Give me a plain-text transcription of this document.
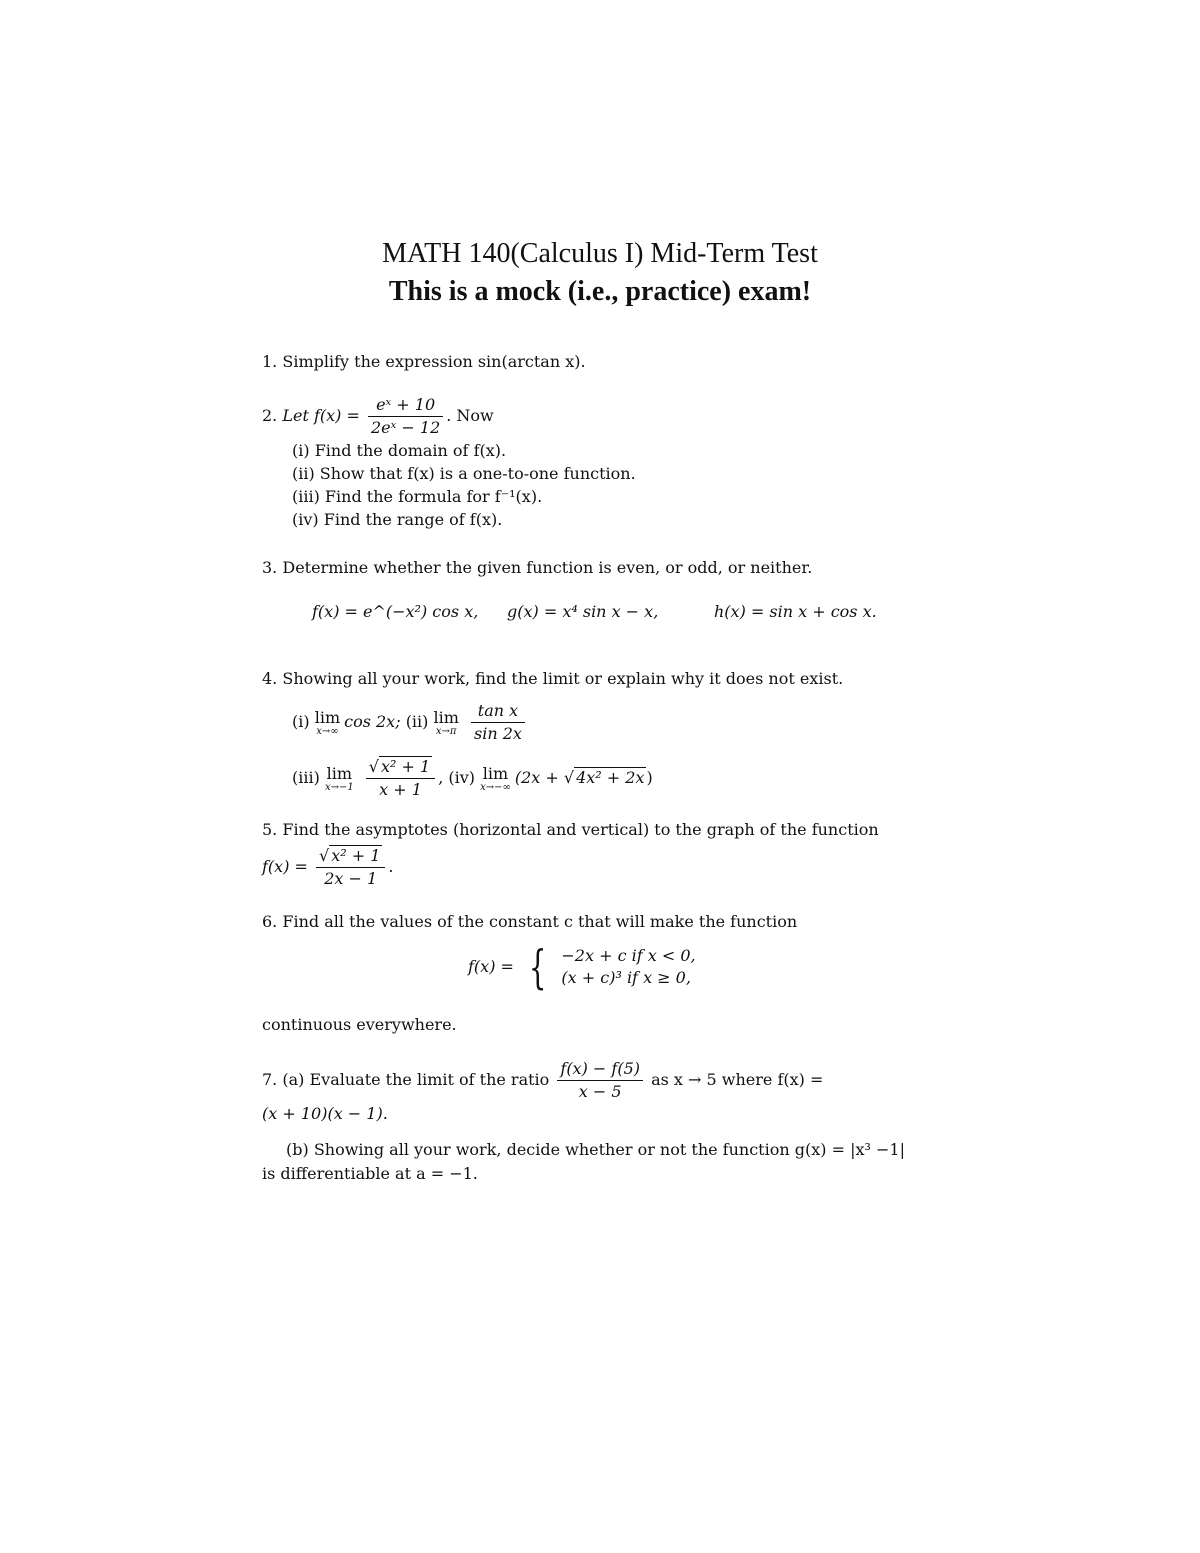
MATH 140(Calculus I) Mid-Term Test
This is a mock (i.e., practice) exam!
1. Simplify the expression sin(arctan x).
2. Let $f(x) = \frac{\text{eˣ + 10}}{\text{2eˣ − 12}}$ . Now
(i) Find the domain of f(x).
(ii) Show that f(x) is a one-to-one function.
(iii) Find the formula for f⁻¹(x).
(iv) Find the range of f(x).
3. Determine whether the given function is even, or odd, or neither.
f(x) = e^(−x²) cos x, g(x) = x⁴ sin x − x,	h(x) = sin x + cos x.
4. Showing all your work, find the limit or explain why it does not exist.
(i) lim
x→∞ cos 2x; (ii) lim
x→π
$\frac{\text{tan x}}{\sin 2x}$
(iii) lim
x→−1
$\frac{\text{√ x² + 1}}{x + 1}$ , (iv) lim
x→−∞ (2x + √ 4x² + 2x )
5. Find the asymptotes (horizontal and vertical) to the graph of the function
$f(x) = \frac{\text{√ x² + 1}}{2x - 1}$ .
6. Find all the values of the constant c that will make the function
f(x) = { −2x + c if x < 0,
(x + c)³ if x ≥ 0,
continuous everywhere.
7. (a) Evaluate the limit of the ratio $\frac{f(x) - f(5)}{x - 5}$ as x → 5 where f(x) =
(x + 10)(x − 1).
(b) Showing all your work, decide whether or not the function g(x) = |x³ −1|
is differentiable at a = −1.
